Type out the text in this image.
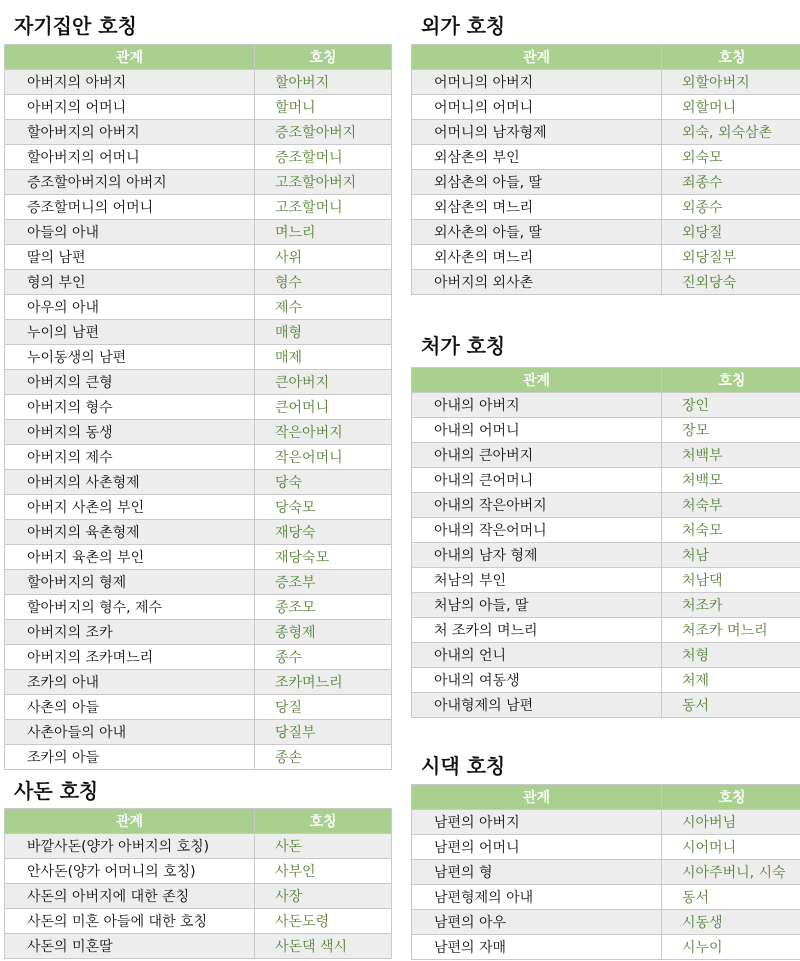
자기집안 호칭
관계	호칭
아버지의 아버지	할아버지
아버지의 어머니	할머니
할아버지의 아버지	증조할아버지
할아버지의 어머니	증조할머니
증조할아버지의 아버지	고조할아버지
증조할머니의 어머니	고조할머니
아들의 아내	며느리
딸의 남편	사위
형의 부인	형수
아우의 아내	제수
누이의 남편	매형
누이동생의 남편	매제
아버지의 큰형	큰아버지
아버지의 형수	큰어머니
아버지의 동생	작은아버지
아버지의 제수	작은어머니
아버지의 사촌형제	당숙
아버지 사촌의 부인	당숙모
아버지의 육촌형제	재당숙
아버지 육촌의 부인	재당숙모
할아버지의 형제	증조부
할아버지의 형수, 제수	종조모
아버지의 조카	종형제
아버지의 조카며느리	종수
조카의 아내	조카며느리
사촌의 아들	당질
사촌아들의 아내	당질부
조카의 아들	종손
사돈 호칭
관계	호칭
바깥사돈(양가 아버지의 호칭)	사돈
안사돈(양가 어머니의 호칭)	사부인
사돈의 아버지에 대한 존칭	사장
사돈의 미혼 아들에 대한 호칭	사돈도령
사돈의 미혼딸	사돈댁 색시
외가 호칭
관계	호칭
어머니의 아버지	외할아버지
어머니의 어머니	외할머니
어머니의 남자형제	외숙, 외숙삼촌
외삼촌의 부인	외숙모
외삼촌의 아들, 딸	죄종수
외삼촌의 며느리	외종수
외사촌의 아들, 딸	외당질
외사촌의 며느리	외당질부
아버지의 외사촌	진외당숙
처가 호칭
관계	호칭
아내의 아버지	장인
아내의 어머니	장모
아내의 큰아버지	처백부
아내의 큰어머니	처백모
아내의 작은아버지	처숙부
아내의 작은어머니	처숙모
아내의 남자 형제	처남
처남의 부인	처남댁
처남의 아들, 딸	처조카
처 조카의 며느리	처조카 며느리
아내의 언니	처형
아내의 여동생	처제
아내형제의 남편	동서
시댁 호칭
관계	호칭
남편의 아버지	시아버님
남편의 어머니	시어머니
남편의 형	시아주버니, 시숙
남편형제의 아내	동서
남편의 아우	시동생
남편의 자매	시누이
